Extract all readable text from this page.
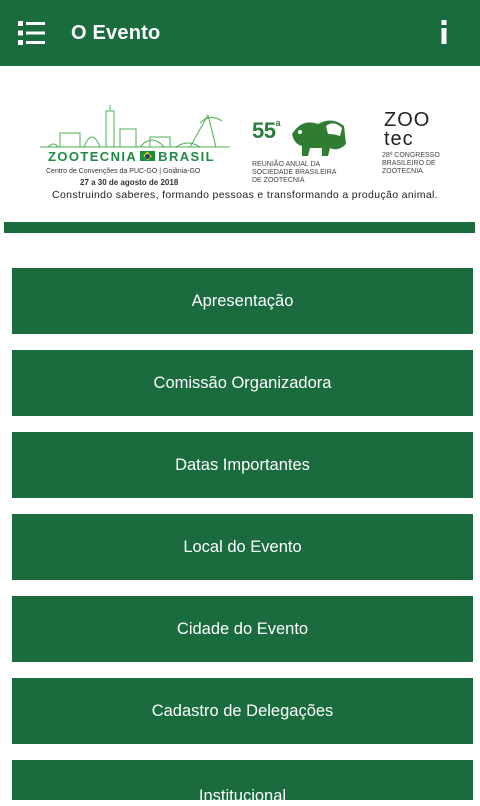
O Evento
ZOOTECNIA BRASIL
Centro de Convenções da PUC-GO | Goiânia-GO
27 a 30 de agosto de 2018
55$^a$
REUNIÃO ANUAL DA
SOCIEDADE BRASILEIRA
DE ZOOTECNIA
ZOO
tec
28º CONGRESSO
BRASILEIRO DE
ZOOTECNIA
Construindo saberes, formando pessoas e transformando a produção animal.
Apresentação
Comissão Organizadora
Datas Importantes
Local do Evento
Cidade do Evento
Cadastro de Delegações
Institucional
